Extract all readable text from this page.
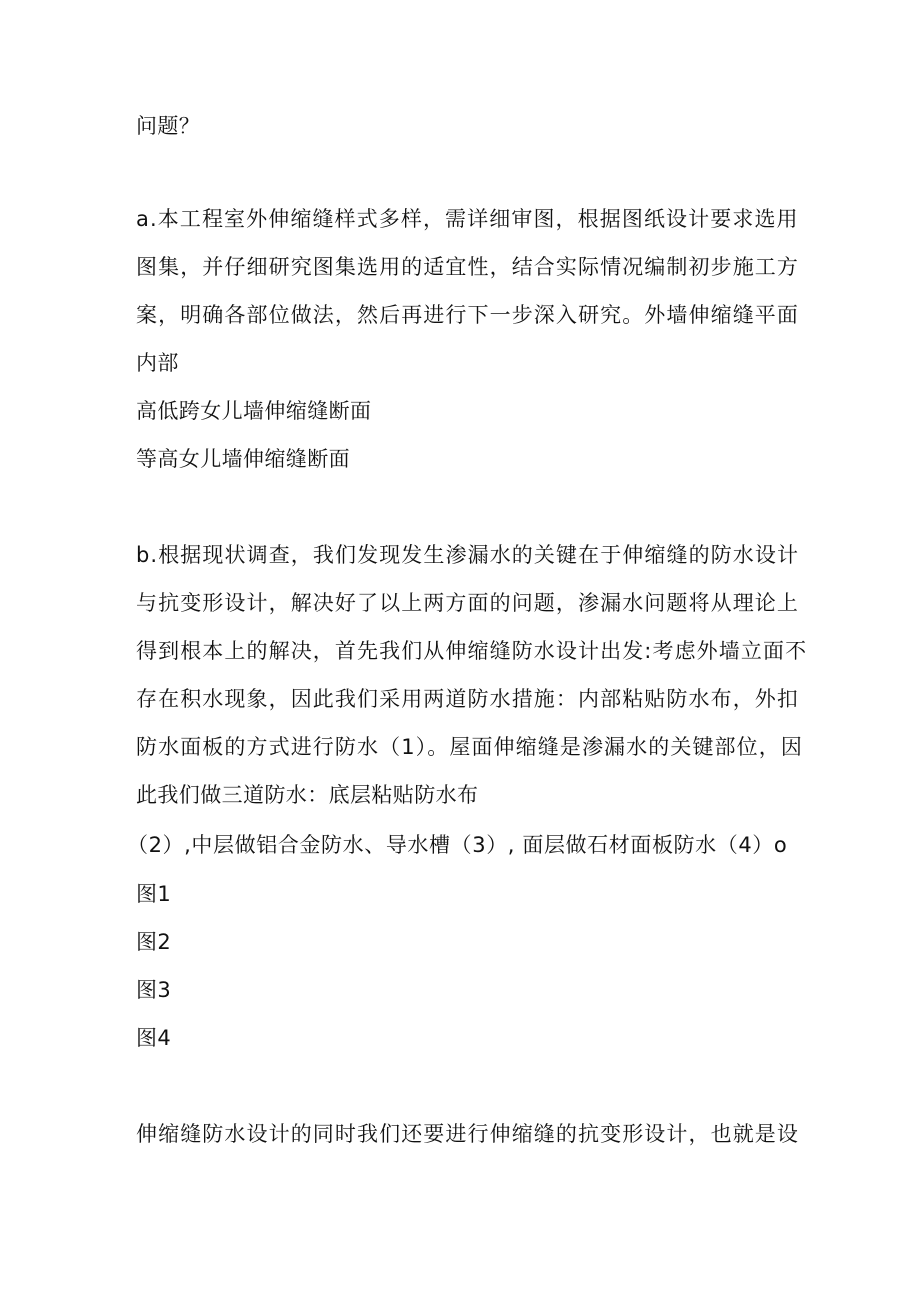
问题？
a.本工程室外伸缩缝样式多样，需详细审图，根据图纸设计要求选用
图集，并仔细研究图集选用的适宜性，结合实际情况编制初步施工方
案，明确各部位做法，然后再进行下一步深入研究。外墙伸缩缝平面
内部
高低跨女儿墙伸缩缝断面
等高女儿墙伸缩缝断面
b.根据现状调查，我们发现发生渗漏水的关键在于伸缩缝的防水设计
与抗变形设计，解决好了以上两方面的问题，渗漏水问题将从理论上
得到根本上的解决，首先我们从伸缩缝防水设计出发:考虑外墙立面不
存在积水现象，因此我们采用两道防水措施：内部粘贴防水布，外扣
防水面板的方式进行防水（1）。屋面伸缩缝是渗漏水的关键部位，因
此我们做三道防水：底层粘贴防水布
（2）,中层做铝合金防水、导水槽（3）, 面层做石材面板防水（4）o
图1
图2
图3
图4
伸缩缝防水设计的同时我们还要进行伸缩缝的抗变形设计，也就是设
